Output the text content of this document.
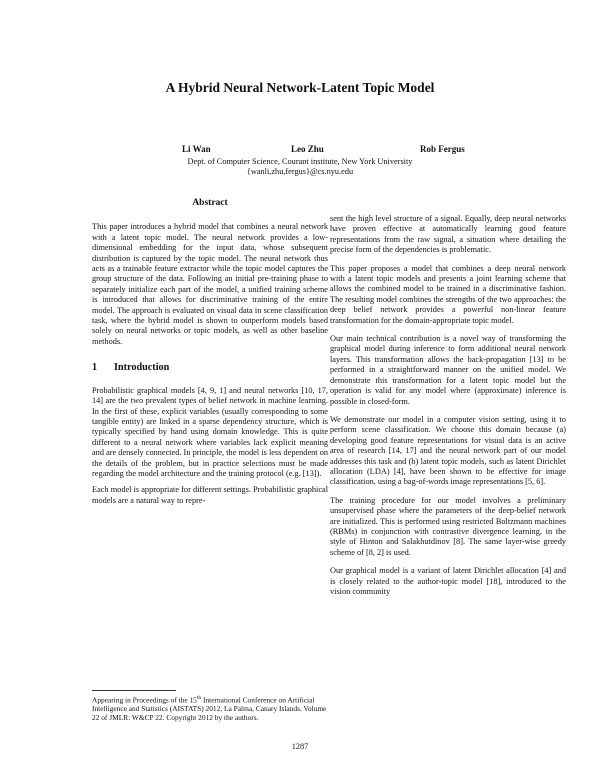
A Hybrid Neural Network-Latent Topic Model
Li Wan	Leo Zhu	Rob Fergus
Dept. of Computer Science, Courant institute, New York University
{wanli,zhu,fergus}@cs.nyu.edu
Abstract

This paper introduces a hybrid model that combines a neural network with a latent topic model. The neural network provides a low-dimensional embedding for the input data, whose subsequent distribution is captured by the topic model. The neural network thus acts as a trainable feature extractor while the topic model captures the group structure of the data. Following an initial pre-training phase to separately initialize each part of the model, a unified training scheme is introduced that allows for discriminative training of the entire model. The approach is evaluated on visual data in scene classification task, where the hybrid model is shown to outperform models based solely on neural networks or topic models, as well as other baseline methods.

1 Introduction

Probabilistic graphical models [4, 9, 1] and neural networks [10, 17, 14] are the two prevalent types of belief network in machine learning. In the first of these, explicit variables (usually corresponding to some tangible entity) are linked in a sparse dependency structure, which is typically specified by hand using domain knowledge. This is quite different to a neural network where variables lack explicit meaning and are densely connected. In principle, the model is less dependent on the details of the problem, but in practice selections must be made regarding the model architecture and the training protocol (e.g. [13]).

Each model is appropriate for different settings. Probabilistic graphical models are a natural way to repre-

sent the high level structure of a signal. Equally, deep neural networks have proven effective at automatically learning good feature representations from the raw signal, a situation where detailing the precise form of the dependencies is problematic.

This paper proposes a model that combines a deep neural network with a latent topic models and presents a joint learning scheme that allows the combined model to be trained in a discriminative fashion. The resulting model combines the strengths of the two approaches: the deep belief network provides a powerful non-linear feature transformation for the domain-appropriate topic model.

Our main technical contribution is a novel way of transforming the graphical model during inference to form additional neural network layers. This transformation allows the back-propagation [13] to be performed in a straightforward manner on the unified model. We demonstrate this transformation for a latent topic model but the operation is valid for any model where (approximate) inference is possible in closed-form.

We demonstrate our model in a computer vision setting, using it to perform scene classification. We choose this domain because (a) developing good feature representations for visual data is an active area of research [14, 17] and the neural network part of our model addresses this task and (b) latent topic models, such as latent Dirichlet allocation (LDA) [4], have been shown to be effective for image classification, using a bag-of-words image representations [5, 6].

The training procedure for our model involves a preliminary unsupervised phase where the parameters of the deep-belief network are initialized. This is performed using restricted Boltzmann machines (RBMs) in conjunction with contrastive divergence learning, in the style of Hinton and Salakhutdinov [8]. The same layer-wise greedy scheme of [8, 2] is used.

Our graphical model is a variant of latent Dirichlet allocation [4] and is closely related to the author-topic model [18], introduced to the vision community

Appearing in Proceedings of the 15th International Conference on Artificial Intelligence and Statistics (AISTATS) 2012, La Palma, Canary Islands. Volume 22 of JMLR: W&CP 22. Copyright 2012 by the authors.
1287
